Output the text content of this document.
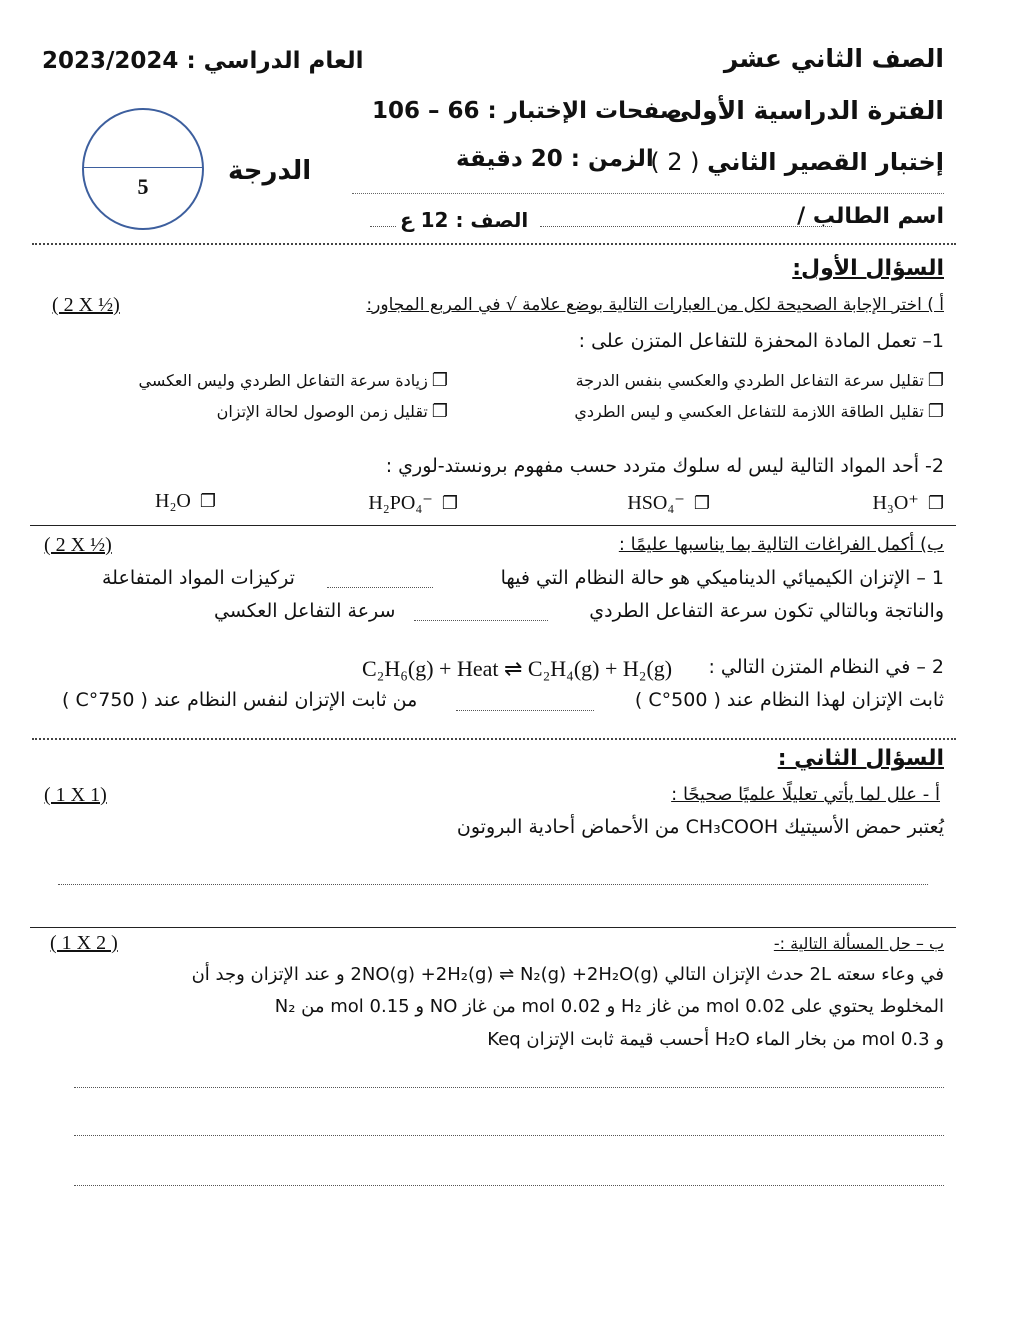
الصف الثاني عشر
العام الدراسي : 2023/2024
الفترة الدراسية الأولى
صفحات الإختبار : 66 – 106
إختبار القصير الثاني ( 2 )
الزمن : 20 دقيقة
الدرجة
5
اسم الطالب /
الصف : 12 ع
السؤال الأول:
أ ) اختر الإجابة الصحيحة لكل من العبارات التالية بوضع علامة √ في المربع المجاور:
( 2 X ½)
1– تعمل المادة المحفزة للتفاعل المتزن على :
❐تقليل سرعة التفاعل الطردي والعكسي بنفس الدرجة
❐زيادة سرعة التفاعل الطردي وليس العكسي
❐تقليل الطاقة اللازمة للتفاعل العكسي و ليس الطردي
❐تقليل زمن الوصول لحالة الإتزان
2- أحد المواد التالية ليس له سلوك متردد حسب مفهوم برونستد-لوري :
H₃O⁺ ❐
HSO₄⁻ ❐
H₂PO₄⁻ ❐
H₂O ❐
ب) أكمل الفراغات التالية بما يناسبها عليمًا :
( 2 X ½)
1 – الإتزان الكيميائي الديناميكي هو حالة النظام التي فيها
تركيزات المواد المتفاعلة
والناتجة وبالتالي تكون سرعة التفاعل الطردي
سرعة التفاعل العكسي
2 – في النظام المتزن التالي :
C₂H₆(g) + Heat ⇌ C₂H₄(g) + H₂(g)
ثابت الإتزان لهذا النظام عند ( 500°C )
من ثابت الإتزان لنفس النظام عند ( 750°C )
السؤال الثاني :
أ - علل لما يأتي تعليلًا علميًا صحيحًا :
( 1 X 1)
يُعتبر حمض الأسيتيك CH₃COOH من الأحماض أحادية البروتون
ب – حل المسألة التالية :-
( 1 X 2 )
في وعاء سعته 2L حدث الإتزان التالي 2NO(g) +2H₂(g) ⇌ N₂(g) +2H₂O(g) و عند الإتزان وجد أن
المخلوط يحتوي على 0.02 mol من غاز H₂ و 0.02 mol من غاز NO و 0.15 mol من N₂
و 0.3 mol من بخار الماء H₂O أحسب قيمة ثابت الإتزان Keq
